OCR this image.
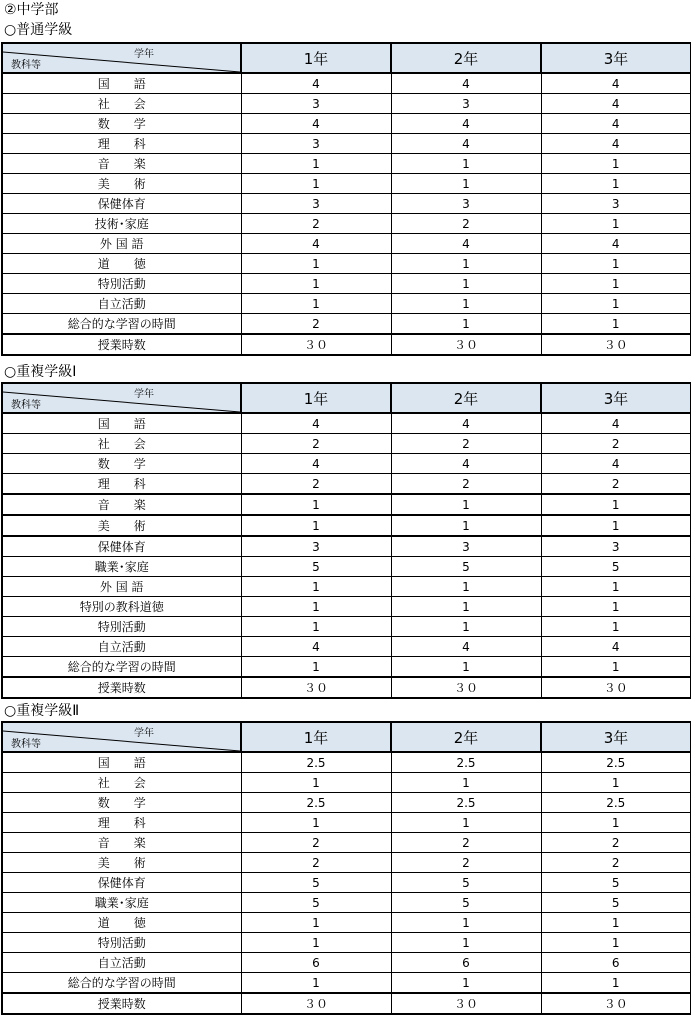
②中学部
○普通学級
学年
教科等	1年	2年	3年
国　　語	4	4	4
社　　会	3	3	4
数　　学	4	4	4
理　　科	3	4	4
音　　楽	1	1	1
美　　術	1	1	1
保健体育	3	3	3
技術･家庭	2	2	1
外 国 語	4	4	4
道　　徳	1	1	1
特別活動	1	1	1
自立活動	1	1	1
総合的な学習の時間	2	1	1
授業時数	３０	３０	３０
○重複学級Ⅰ
学年
教科等	1年	2年	3年
国　　語	4	4	4
社　　会	2	2	2
数　　学	4	4	4
理　　科	2	2	2
音　　楽	1	1	1
美　　術	1	1	1
保健体育	3	3	3
職業･家庭	5	5	5
外 国 語	1	1	1
特別の教科道徳	1	1	1
特別活動	1	1	1
自立活動	4	4	4
総合的な学習の時間	1	1	1
授業時数	３０	３０	３０
○重複学級Ⅱ
学年
教科等	1年	2年	3年
国　　語	2.5	2.5	2.5
社　　会	1	1	1
数　　学	2.5	2.5	2.5
理　　科	1	1	1
音　　楽	2	2	2
美　　術	2	2	2
保健体育	5	5	5
職業･家庭	5	5	5
道　　徳	1	1	1
特別活動	1	1	1
自立活動	6	6	6
総合的な学習の時間	1	1	1
授業時数	３０	３０	３０
